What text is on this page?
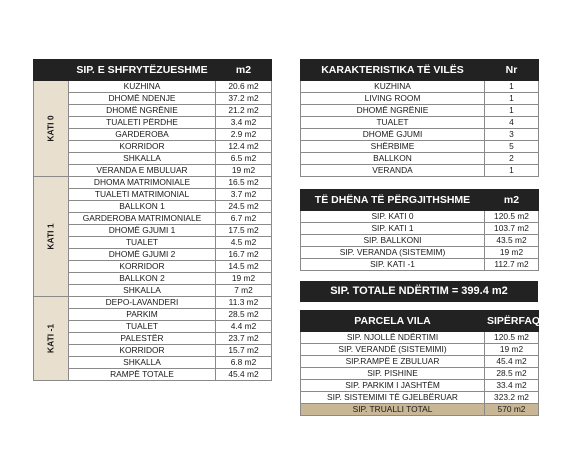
	SIP. E SHFRYTËZUESHME	m2

KATI 0	KUZHINA	20.6 m2
	DHOMË NDENJE	37.2 m2
	DHOMË NGRËNIE	21.2 m2
	TUALETI PËRDHE	3.4 m2
	GARDEROBA	2.9 m2
	KORRIDOR	12.4 m2
	SHKALLA	6.5 m2
	VERANDA E MBULUAR	19 m2

KATI 1	DHOMA MATRIMONIALE	16.5 m2
	TUALETI MATRIMONIAL	3.7 m2
	BALLKON 1	24.5 m2
	GARDEROBA MATRIMONIALE	6.7 m2
	DHOMË GJUMI 1	17.5 m2
	TUALET	4.5 m2
	DHOMË GJUMI 2	16.7 m2
	KORRIDOR	14.5 m2
	BALLKON 2	19 m2
	SHKALLA	7 m2

KATI -1	DEPO-LAVANDERI	11.3 m2
	PARKIM	28.5 m2
	TUALET	4.4 m2
	PALESTËR	23.7 m2
	KORRIDOR	15.7 m2
	SHKALLA	6.8 m2
	RAMPË TOTALE	45.4 m2
KARAKTERISTIKA TË VILËS	Nr
KUZHINA	1
LIVING ROOM	1
DHOMË NGRËNIE	1
TUALET	4
DHOMË GJUMI	3
SHËRBIME	5
BALLKON	2
VERANDA	1
TË DHËNA TË PËRGJITHSHME	m2
SIP. KATI 0	120.5 m2
SIP. KATI 1	103.7 m2
SIP. BALLKONI	43.5 m2
SIP. VERANDA (SISTEMIM)	19 m2
SIP. KATI -1	112.7 m2
SIP. TOTALE NDËRTIM = 399.4 m2
PARCELA VILA	SIPËRFAQE
SIP. NJOLLË NDËRTIMI	120.5 m2
SIP. VERANDË (SISTEMIMI)	19 m2
SIP.RAMPË E ZBULUAR	45.4 m2
SIP. PISHINE	28.5 m2
SIP. PARKIM I JASHTËM	33.4 m2
SIP. SISTEMIMI TË GJELBËRUAR	323.2 m2
SIP. TRUALLI TOTAL	570 m2
